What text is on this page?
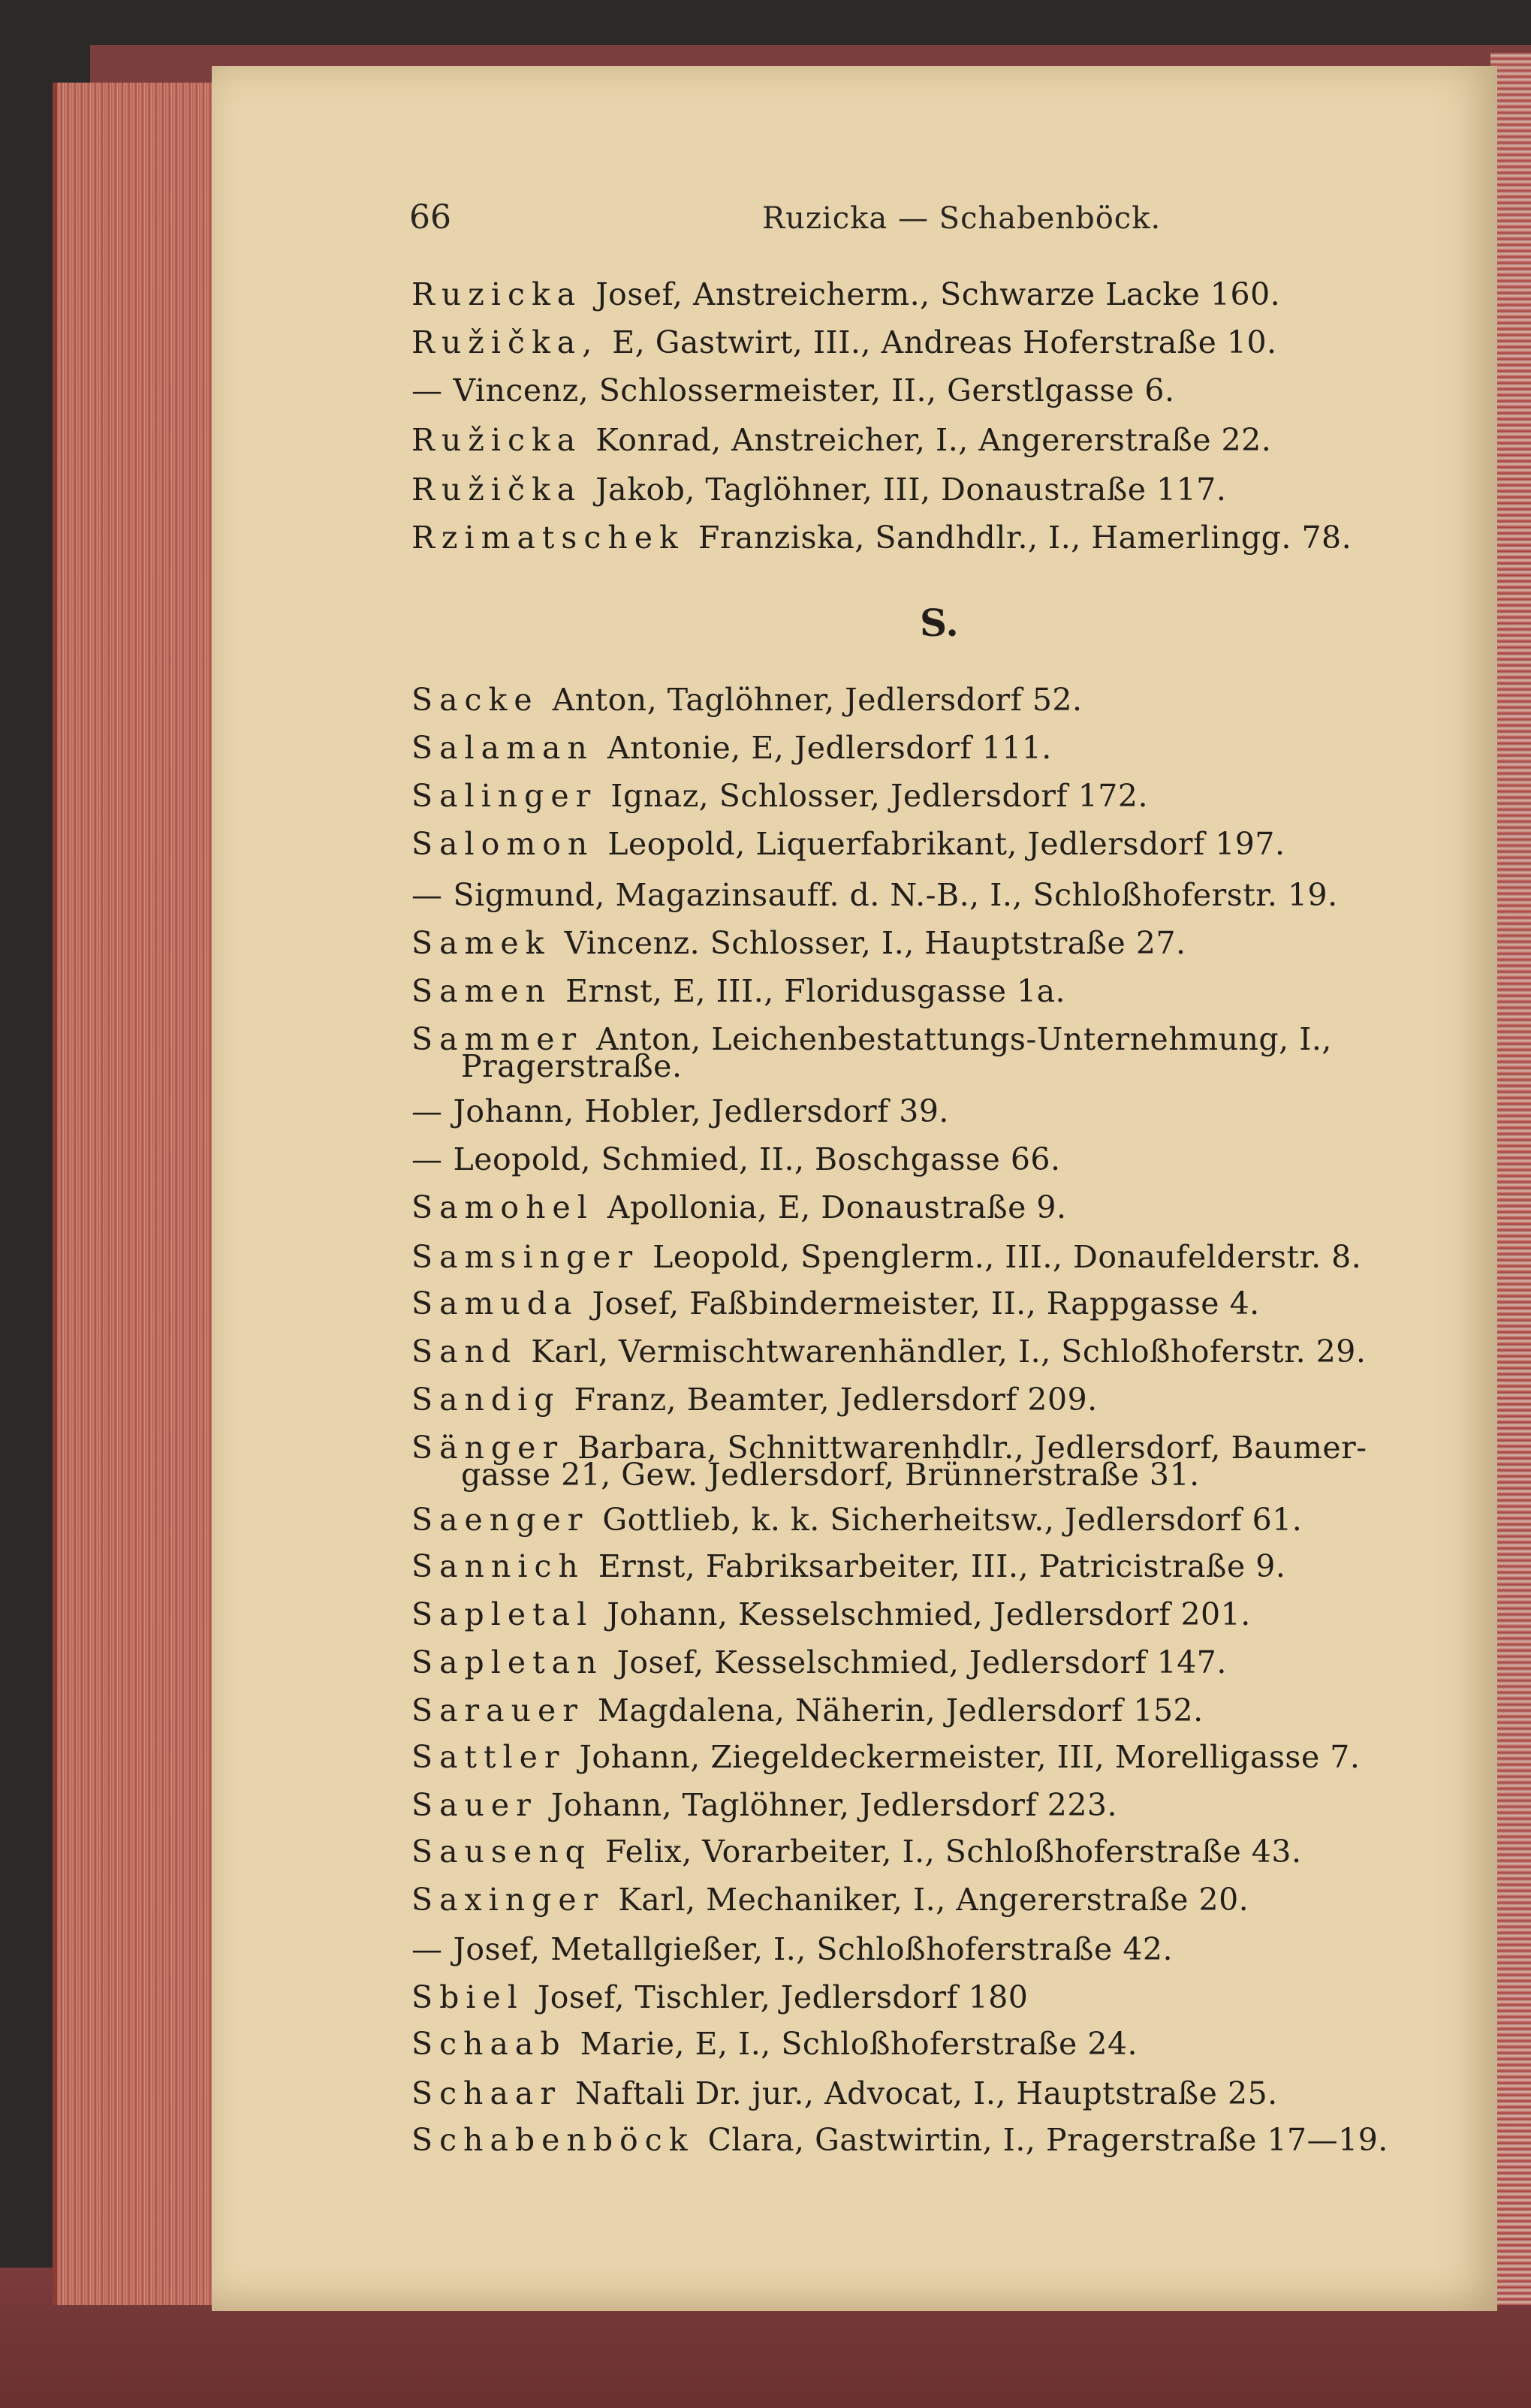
66	Ruzicka — Schabenböck.
S.
Ruzicka Josef, Anstreicherm., Schwarze Lacke 160.
Ružička, E, Gastwirt, III., Andreas Hoferstraße 10.
— Vincenz, Schlossermeister, II., Gerstlgasse 6.
Ružicka Konrad, Anstreicher, I., Angererstraße 22.
Ružička Jakob, Taglöhner, III, Donaustraße 117.
Rzimatschek Franziska, Sandhdlr., I., Hamerlingg. 78.
Sacke Anton, Taglöhner, Jedlersdorf 52.
Salaman Antonie, E, Jedlersdorf 111.
Salinger Ignaz, Schlosser, Jedlersdorf 172.
Salomon Leopold, Liquerfabrikant, Jedlersdorf 197.
— Sigmund, Magazinsauff. d. N.-B., I., Schloßhoferstr. 19.
Samek Vincenz. Schlosser, I., Hauptstraße 27.
Samen Ernst, E, III., Floridusgasse 1a.
Sammer Anton, Leichenbestattungs-Unternehmung, I.,
Pragerstraße.
— Johann, Hobler, Jedlersdorf 39.
— Leopold, Schmied, II., Boschgasse 66.
Samohel Apollonia, E, Donaustraße 9.
Samsinger Leopold, Spenglerm., III., Donaufelderstr. 8.
Samuda Josef, Faßbindermeister, II., Rappgasse 4.
Sand Karl, Vermischtwarenhändler, I., Schloßhoferstr. 29.
Sandig Franz, Beamter, Jedlersdorf 209.
Sänger Barbara, Schnittwarenhdlr., Jedlersdorf, Baumer-
gasse 21, Gew. Jedlersdorf, Brünnerstraße 31.
Saenger Gottlieb, k. k. Sicherheitsw., Jedlersdorf 61.
Sannich Ernst, Fabriksarbeiter, III., Patricistraße 9.
Sapletal Johann, Kesselschmied, Jedlersdorf 201.
Sapletan Josef, Kesselschmied, Jedlersdorf 147.
Sarauer Magdalena, Näherin, Jedlersdorf 152.
Sattler Johann, Ziegeldeckermeister, III, Morelligasse 7.
Sauer Johann, Taglöhner, Jedlersdorf 223.
Sausenq Felix, Vorarbeiter, I., Schloßhoferstraße 43.
Saxinger Karl, Mechaniker, I., Angererstraße 20.
— Josef, Metallgießer, I., Schloßhoferstraße 42.
Sbiel Josef, Tischler, Jedlersdorf 180
Schaab Marie, E, I., Schloßhoferstraße 24.
Schaar Naftali Dr. jur., Advocat, I., Hauptstraße 25.
Schabenböck Clara, Gastwirtin, I., Pragerstraße 17—19.
